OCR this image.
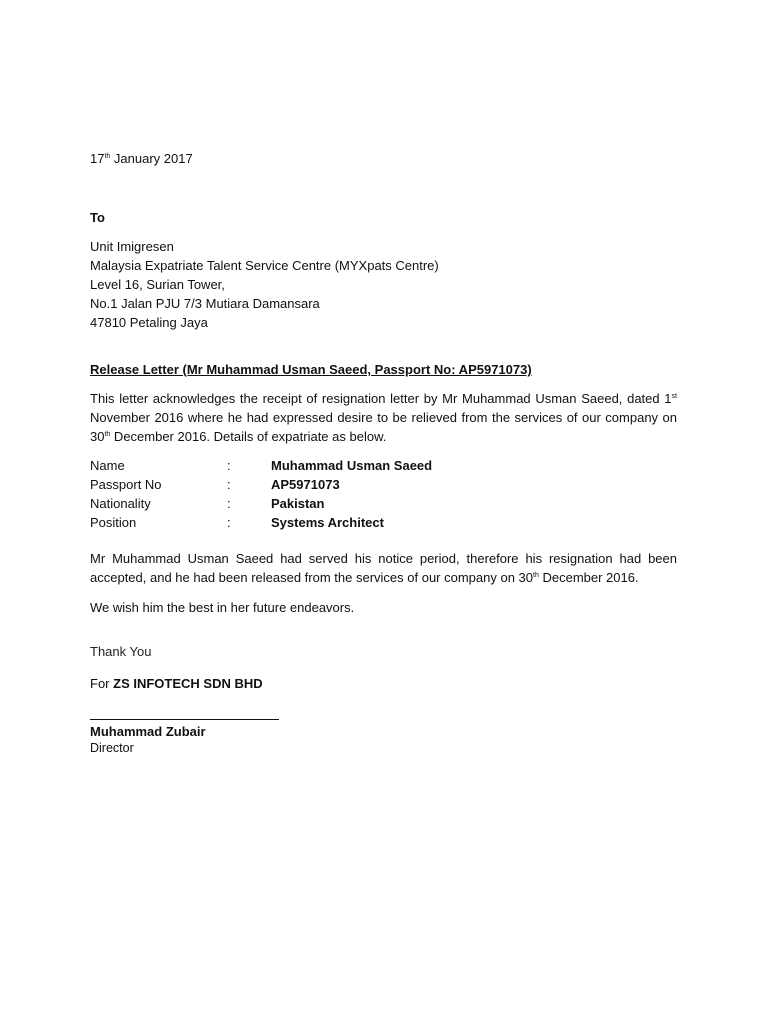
17th January 2017
To
Unit Imigresen
Malaysia Expatriate Talent Service Centre (MYXpats Centre)
Level 16, Surian Tower,
No.1 Jalan PJU 7/3 Mutiara Damansara
47810 Petaling Jaya
Release Letter (Mr Muhammad Usman Saeed, Passport No: AP5971073)
This letter acknowledges the receipt of resignation letter by Mr Muhammad Usman Saeed, dated 1st November 2016 where he had expressed desire to be relieved from the services of our company on 30th December 2016. Details of expatriate as below.
Name	:	Muhammad Usman Saeed
Passport No	:	AP5971073
Nationality	:	Pakistan
Position	:	Systems Architect
Mr Muhammad Usman Saeed had served his notice period, therefore his resignation had been accepted, and he had been released from the services of our company on 30th December 2016.
We wish him the best in her future endeavors.
Thank You
For ZS INFOTECH SDN BHD
Muhammad Zubair
Director
